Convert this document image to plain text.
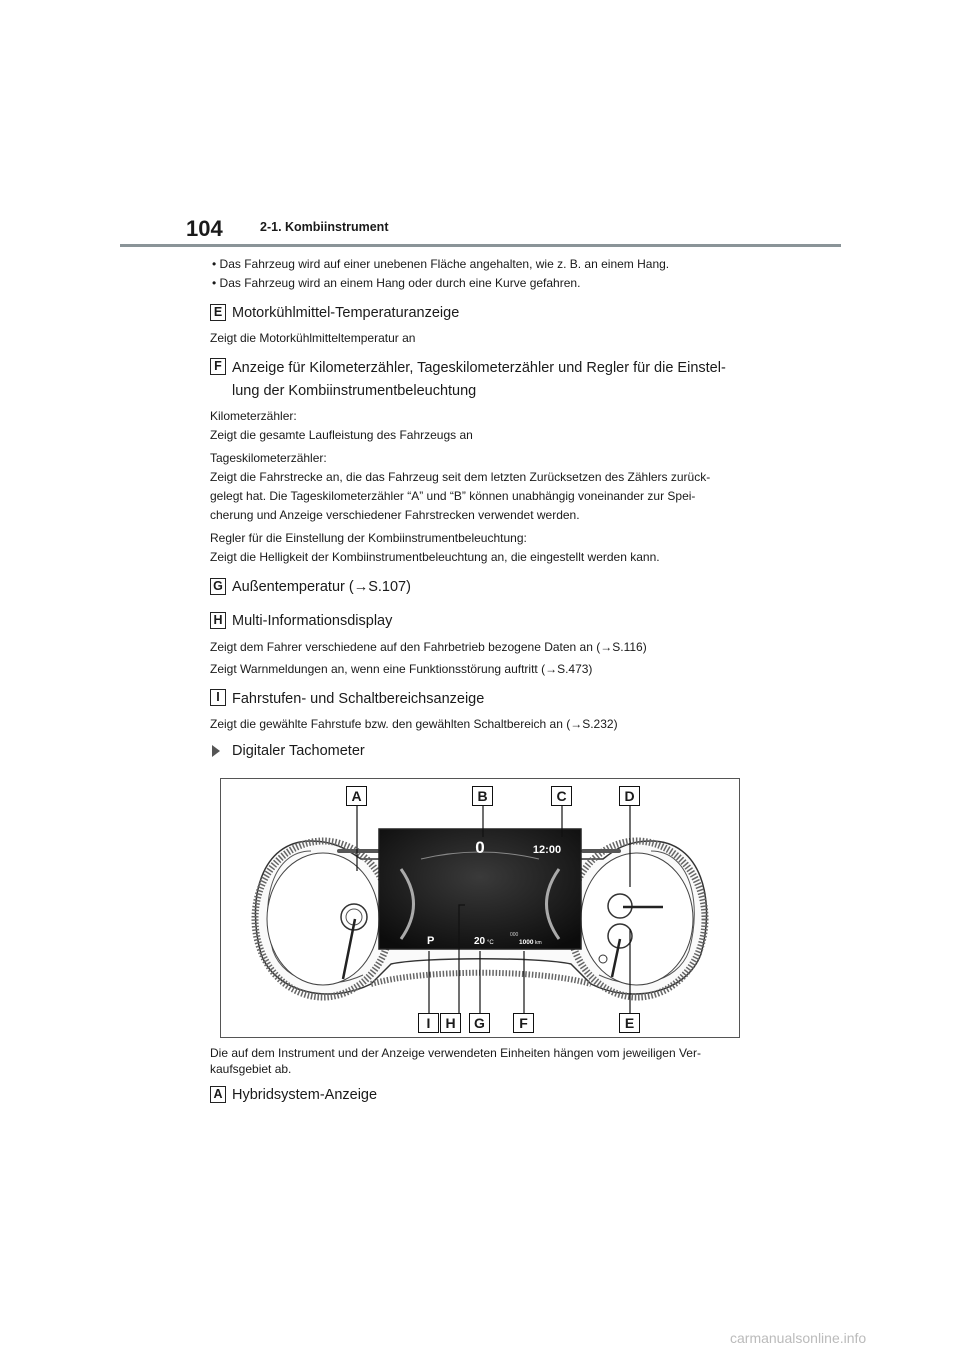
104	2-1. Kombiinstrument
• Das Fahrzeug wird auf einer unebenen Fläche angehalten, wie z. B. an einem Hang.
• Das Fahrzeug wird an einem Hang oder durch eine Kurve gefahren.
E Motorkühlmittel-Temperaturanzeige
Zeigt die Motorkühlmitteltemperatur an
F Anzeige für Kilometerzähler, Tageskilometerzähler und Regler für die Einstel-
lung der Kombiinstrumentbeleuchtung
Kilometerzähler:
Zeigt die gesamte Laufleistung des Fahrzeugs an
Tageskilometerzähler:
Zeigt die Fahrstrecke an, die das Fahrzeug seit dem letzten Zurücksetzen des Zählers zurück-
gelegt hat. Die Tageskilometerzähler “A” und “B” können unabhängig voneinander zur Spei-
cherung und Anzeige verschiedener Fahrstrecken verwendet werden.
Regler für die Einstellung der Kombiinstrumentbeleuchtung:
Zeigt die Helligkeit der Kombiinstrumentbeleuchtung an, die eingestellt werden kann.
G Außentemperatur (→S.107)
H Multi-Informationsdisplay
Zeigt dem Fahrer verschiedene auf den Fahrbetrieb bezogene Daten an (→S.116)
Zeigt Warnmeldungen an, wenn eine Funktionsstörung auftritt (→S.473)
I Fahrstufen- und Schaltbereichsanzeige
Zeigt die gewählte Fahrstufe bzw. den gewählten Schaltbereich an (→S.232)
Digitaler Tachometer
0	12:00
P	20 °C
000
1000 km
A	B	C	D
I	H	G	F	E
Die auf dem Instrument und der Anzeige verwendeten Einheiten hängen vom jeweiligen Ver-
kaufsgebiet ab.
A Hybridsystem-Anzeige
carmanualsonline.info
